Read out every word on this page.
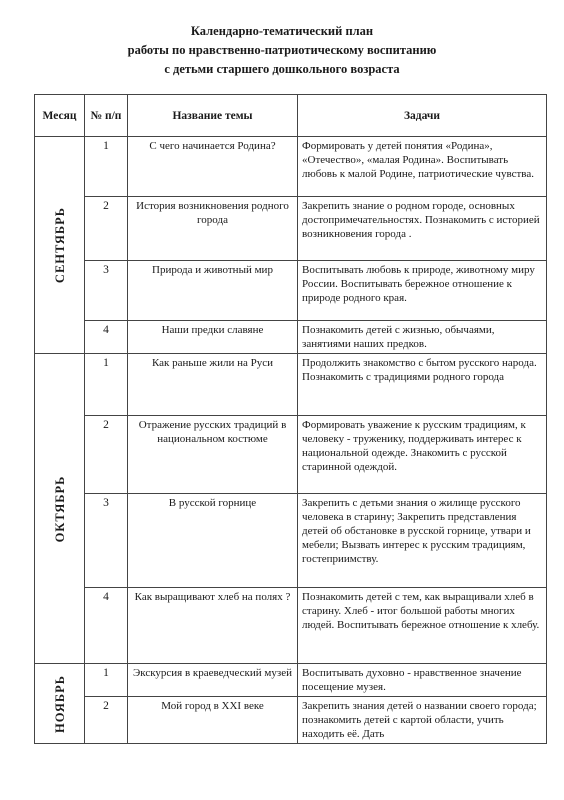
Календарно-тематический план
работы по нравственно-патриотическому воспитанию
с детьми старшего дошкольного возраста
Месяц	№ п/п	Название темы	Задачи

СЕНТЯБРЬ	1	С чего начинается Родина?	Формировать у детей понятия «Родина», «Отечество», «малая Родина». Воспитывать любовь к малой Родине, патриотические чувства.
	2	История возникновения родного города	Закрепить знание о родном городе, основных достопримечательностях. Познакомить с историей возникновения города .
	3	Природа и животный мир	Воспитывать любовь к природе, животному миру России. Воспитывать бережное отношение к природе родного края.
	4	Наши предки славяне	Познакомить детей с жизнью, обычаями, занятиями наших предков.

ОКТЯБРЬ	1	Как раньше жили на Руси	Продолжить знакомство с бытом русского народа. Познакомить с традициями родного города
	2	Отражение русских традиций в национальном костюме	Формировать уважение к русским традициям, к человеку - труженику, поддерживать интерес к национальной одежде. Знакомить с русской старинной одеждой.
	3	В русской горнице	Закрепить с детьми знания о жилище русского человека в старину; Закрепить представления детей об обстановке в русской горнице, утвари и мебели; Вызвать интерес к русским традициям, гостеприимству.
	4	Как выращивают хлеб на полях ?	Познакомить детей с тем, как выращивали хлеб в старину. Хлеб - итог большой работы многих людей. Воспитывать бережное отношение к хлебу.

НОЯБРЬ	1	Экскурсия в краеведческий музей	Воспитывать духовно - нравственное значение посещение музея.
	2	Мой город в XXI веке	Закрепить знания детей о названии своего города; познакомить детей с картой области, учить находить её. Дать
